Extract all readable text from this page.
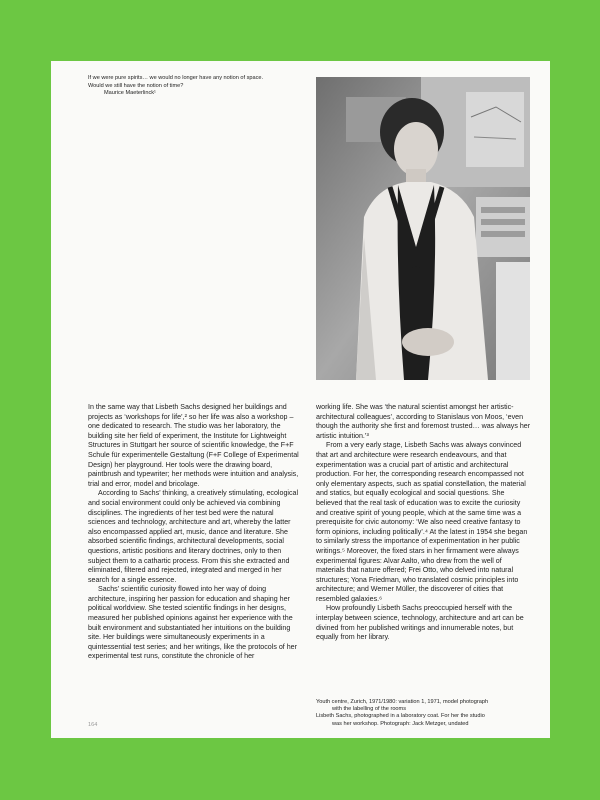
If we were pure spirits… we would no longer have any notion of space.
Would we still have the notion of time?

Maurice Maeterlinck¹

In the same way that Lisbeth Sachs designed her buildings and projects as ‘workshops for life’,² so her life was also a workshop – one dedicated to research. The studio was her laboratory, the building site her field of experiment, the Institute for Lightweight Structures in Stuttgart her source of scientific knowledge, the F+F Schule für experimentelle Gestaltung (F+F College of Experimental Design) her playground. Her tools were the drawing board, paintbrush and typewriter; her methods were intuition and analysis, trial and error, model and bricolage.

According to Sachs’ thinking, a creatively stimulating, ecological and social environment could only be achieved via combining disciplines. The ingredients of her test bed were the natural sciences and technology, architecture and art, whereby the latter also encompassed applied art, music, dance and literature. She absorbed scientific findings, architectural developments, social questions, artistic positions and literary doctrines, only to then subject them to a cathartic process. From this she extracted and eliminated, filtered and rejected, integrated and merged in her search for a single essence.

Sachs’ scientific curiosity flowed into her way of doing architecture, inspiring her passion for education and shaping her political worldview. She tested scientific findings in her designs, measured her published opinions against her experience with the built environment and substantiated her intuitions on the building site. Her buildings were simultaneously experiments in a quintessential test series; and her writings, like the protocols of her experimental test runs, constitute the chronicle of her

working life. She was ‘the natural scientist amongst her artistic-architectural colleagues’, according to Stanislaus von Moos, ‘even though the authority she first and foremost trusted… was always her artistic intuition.’³

From a very early stage, Lisbeth Sachs was always convinced that art and architecture were research endeavours, and that experimentation was a crucial part of artistic and architectural production. For her, the corresponding research encompassed not only elementary aspects, such as spatial constellation, the material and statics, but equally ecological and social questions. She believed that the real task of education was to excite the curiosity and creative spirit of young people, which at the same time was a prerequisite for civic autonomy: ‘We also need creative fantasy to form opinions, including politically’.⁴ At the latest in 1954 she began to similarly stress the importance of experimentation in her public writings.⁵ Moreover, the fixed stars in her firmament were always experimental figures: Alvar Aalto, who drew from the well of materials that nature offered; Frei Otto, who delved into natural structures; Yona Friedman, who translated cosmic principles into architecture; and Werner Müller, the discoverer of cities that resembled galaxies.⁶

How profoundly Lisbeth Sachs preoccupied herself with the interplay between science, technology, architecture and art can be divined from her published writings and innumerable notes, but equally from her library.

Youth centre, Zurich, 1971/1980: variation 1, 1971, model photograph

with the labelling of the rooms

Lisbeth Sachs, photographed in a laboratory coat. For her the studio

was her workshop. Photograph: Jack Metzger, undated

164
